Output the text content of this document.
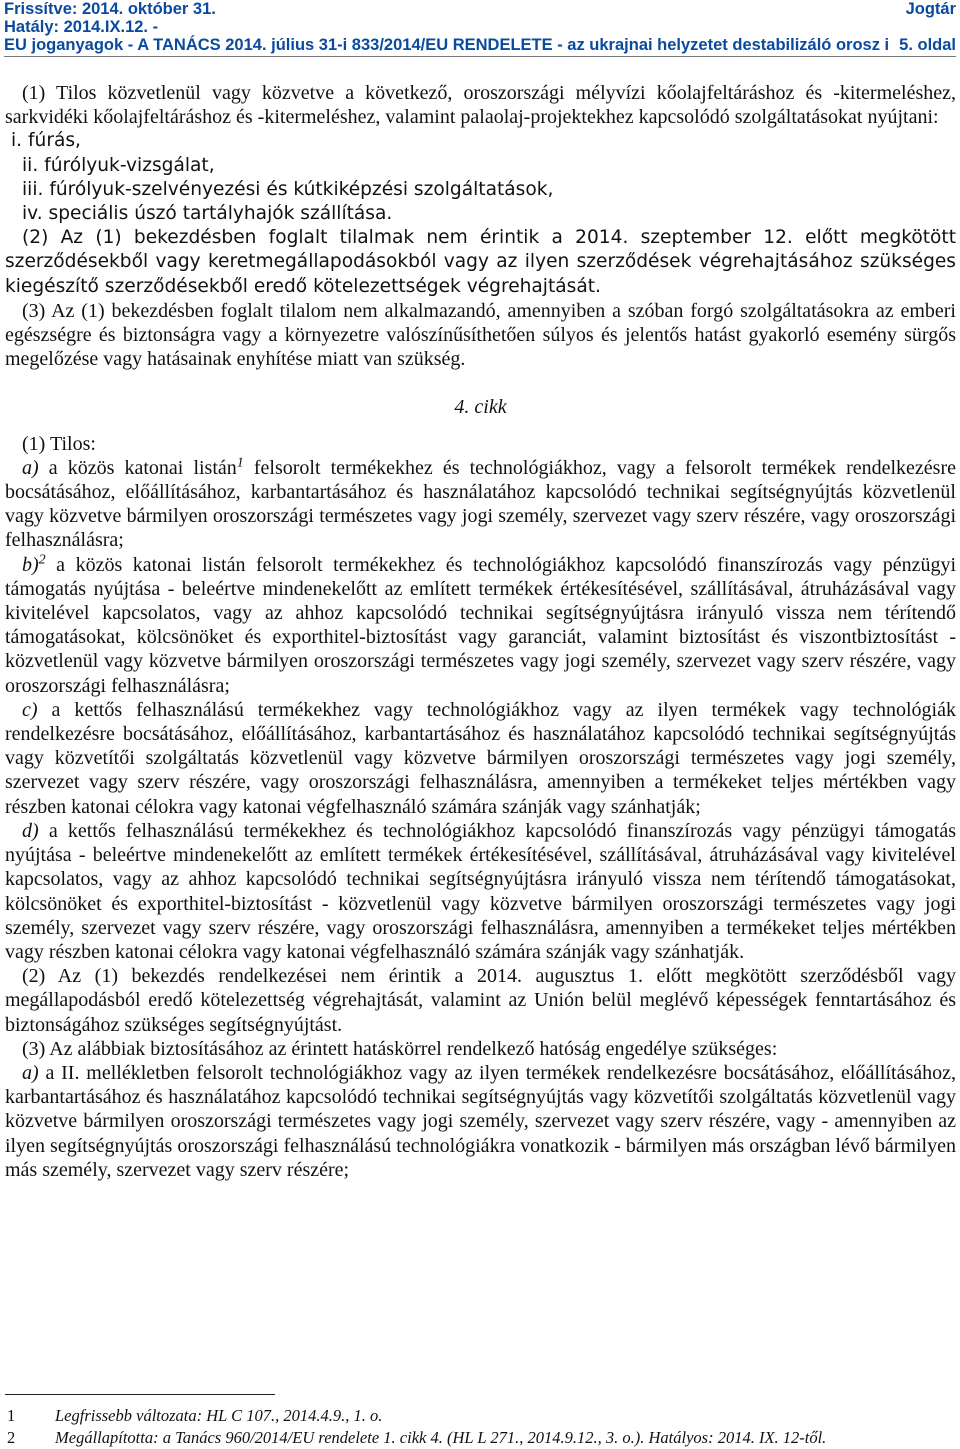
Frissítve: 2014. október 31.	Jogtár
Hatály: 2014.IX.12. -
EU joganyagok - A TANÁCS 2014. július 31-i 833/2014/EU RENDELETE - az ukrajnai helyzetet destabilizáló orosz i 5. oldal

(1) Tilos közvetlenül vagy közvetve a következő, oroszországi mélyvízi kőolajfeltáráshoz és -kitermeléshez, sarkvidéki kőolajfeltáráshoz és -kitermeléshez, valamint palaolaj-projektekhez kapcsolódó szolgáltatásokat nyújtani:

i. fúrás,

ii. fúrólyuk-vizsgálat,

iii. fúrólyuk-szelvényezési és kútkiképzési szolgáltatások,

iv. speciális úszó tartályhajók szállítása.

(2) Az (1) bekezdésben foglalt tilalmak nem érintik a 2014. szeptember 12. előtt megkötött szerződésekből vagy keretmegállapodásokból vagy az ilyen szerződések végrehajtásához szükséges kiegészítő szerződésekből eredő kötelezettségek végrehajtását.

(3) Az (1) bekezdésben foglalt tilalom nem alkalmazandó, amennyiben a szóban forgó szolgáltatásokra az emberi egészségre és biztonságra vagy a környezetre valószínűsíthetően súlyos és jelentős hatást gyakorló esemény sürgős megelőzése vagy hatásainak enyhítése miatt van szükség.

4. cikk

(1) Tilos:

a) a közös katonai listán$^1$ felsorolt termékekhez és technológiákhoz, vagy a felsorolt termékek rendelkezésre bocsátásához, előállításához, karbantartásához és használatához kapcsolódó technikai segítségnyújtás közvetlenül vagy közvetve bármilyen oroszországi természetes vagy jogi személy, szervezet vagy szerv részére, vagy oroszországi felhasználásra;

b)$^2$ a közös katonai listán felsorolt termékekhez és technológiákhoz kapcsolódó finanszírozás vagy pénzügyi támogatás nyújtása - beleértve mindenekelőtt az említett termékek értékesítésével, szállításával, átruházásával vagy kivitelével kapcsolatos, vagy az ahhoz kapcsolódó technikai segítségnyújtásra irányuló vissza nem térítendő támogatásokat, kölcsönöket és exporthitel-biztosítást vagy garanciát, valamint biztosítást és viszontbiztosítást - közvetlenül vagy közvetve bármilyen oroszországi természetes vagy jogi személy, szervezet vagy szerv részére, vagy oroszországi felhasználásra;

c) a kettős felhasználású termékekhez vagy technológiákhoz vagy az ilyen termékek vagy technológiák rendelkezésre bocsátásához, előállításához, karbantartásához és használatához kapcsolódó technikai segítségnyújtás vagy közvetítői szolgáltatás közvetlenül vagy közvetve bármilyen oroszországi természetes vagy jogi személy, szervezet vagy szerv részére, vagy oroszországi felhasználásra, amennyiben a termékeket teljes mértékben vagy részben katonai célokra vagy katonai végfelhasználó számára szánják vagy szánhatják;

d) a kettős felhasználású termékekhez és technológiákhoz kapcsolódó finanszírozás vagy pénzügyi támogatás nyújtása - beleértve mindenekelőtt az említett termékek értékesítésével, szállításával, átruházásával vagy kivitelével kapcsolatos, vagy az ahhoz kapcsolódó technikai segítségnyújtásra irányuló vissza nem térítendő támogatásokat, kölcsönöket és exporthitel-biztosítást - közvetlenül vagy közvetve bármilyen oroszországi természetes vagy jogi személy, szervezet vagy szerv részére, vagy oroszországi felhasználásra, amennyiben a termékeket teljes mértékben vagy részben katonai célokra vagy katonai végfelhasználó számára szánják vagy szánhatják.

(2) Az (1) bekezdés rendelkezései nem érintik a 2014. augusztus 1. előtt megkötött szerződésből vagy megállapodásból eredő kötelezettség végrehajtását, valamint az Unión belül meglévő képességek fenntartásához és biztonságához szükséges segítségnyújtást.

(3) Az alábbiak biztosításához az érintett hatáskörrel rendelkező hatóság engedélye szükséges:

a) a II. mellékletben felsorolt technológiákhoz vagy az ilyen termékek rendelkezésre bocsátásához, előállításához, karbantartásához és használatához kapcsolódó technikai segítségnyújtás vagy közvetítői szolgáltatás közvetlenül vagy közvetve bármilyen oroszországi természetes vagy jogi személy, szervezet vagy szerv részére, vagy - amennyiben az ilyen segítségnyújtás oroszországi felhasználású technológiákra vonatkozik - bármilyen más országban lévő bármilyen más személy, szervezet vagy szerv részére;

1	Legfrissebb változata: HL C 107., 2014.4.9., 1. o.
2	Megállapította: a Tanács 960/2014/EU rendelete 1. cikk 4. (HL L 271., 2014.9.12., 3. o.). Hatályos: 2014. IX. 12-től.
